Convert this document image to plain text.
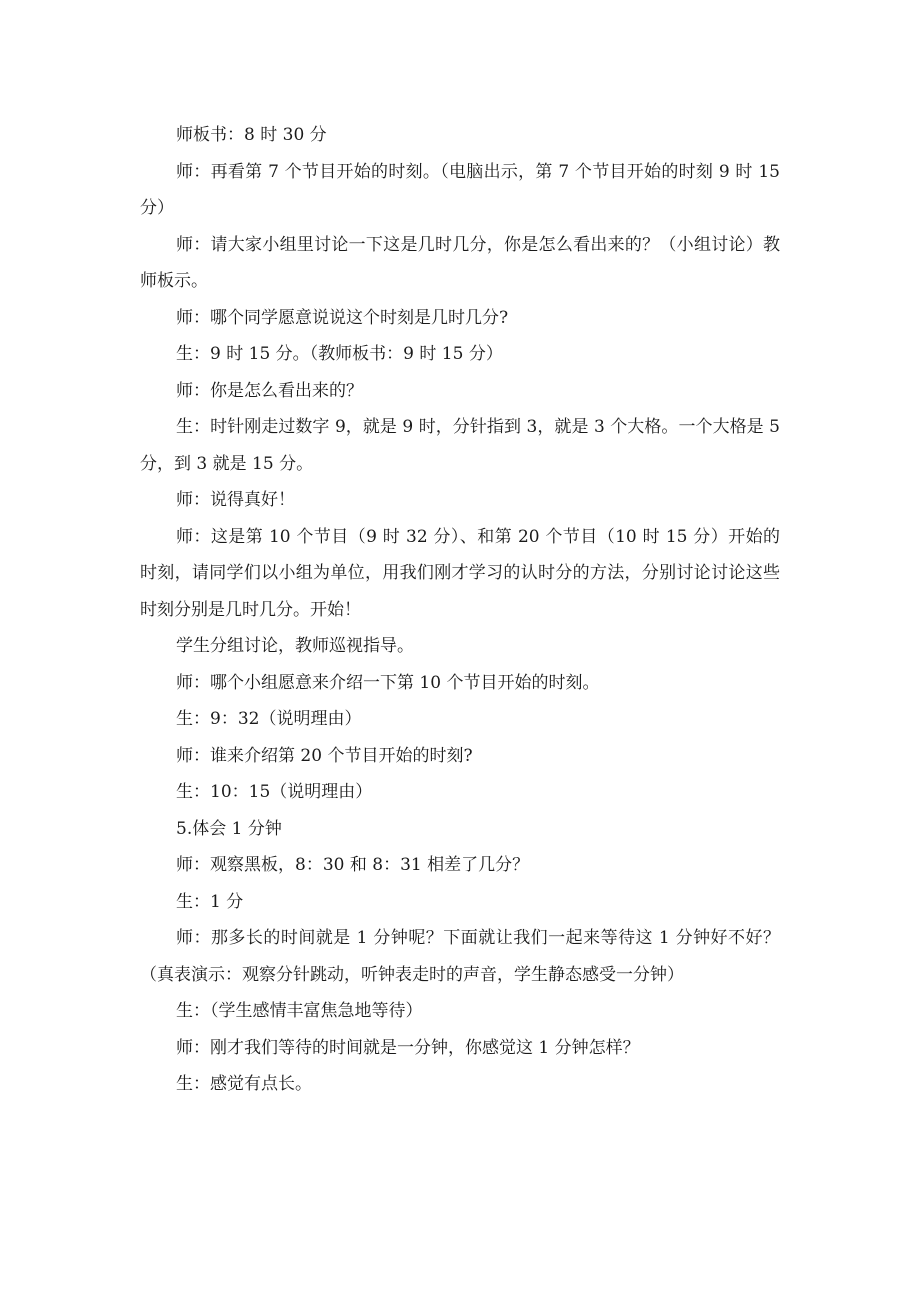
师板书：8 时 30 分

师：再看第 7 个节目开始的时刻。（电脑出示，第 7 个节目开始的时刻 9 时 15 分）

师：请大家小组里讨论一下这是几时几分，你是怎么看出来的？（小组讨论）教师板示。

师：哪个同学愿意说说这个时刻是几时几分?

生：9 时 15 分。（教师板书：9 时 15 分）

师：你是怎么看出来的？

生：时针刚走过数字 9，就是 9 时，分针指到 3，就是 3 个大格。一个大格是 5 分，到 3 就是 15 分。

师：说得真好！

师：这是第 10 个节目（9 时 32 分）、和第 20 个节目（10 时 15 分）开始的时刻，请同学们以小组为单位，用我们刚才学习的认时分的方法，分别讨论讨论这些时刻分别是几时几分。开始！

学生分组讨论，教师巡视指导。

师：哪个小组愿意来介绍一下第 10 个节目开始的时刻。

生：9：32（说明理由）

师：谁来介绍第 20 个节目开始的时刻?

生：10：15（说明理由）

5.体会 1 分钟

师：观察黑板，8：30 和 8：31 相差了几分？

生：1 分

师：那多长的时间就是 1 分钟呢？下面就让我们一起来等待这 1 分钟好不好？（真表演示：观察分针跳动，听钟表走时的声音，学生静态感受一分钟）

生：（学生感情丰富焦急地等待）

师：刚才我们等待的时间就是一分钟，你感觉这 1 分钟怎样？

生：感觉有点长。
